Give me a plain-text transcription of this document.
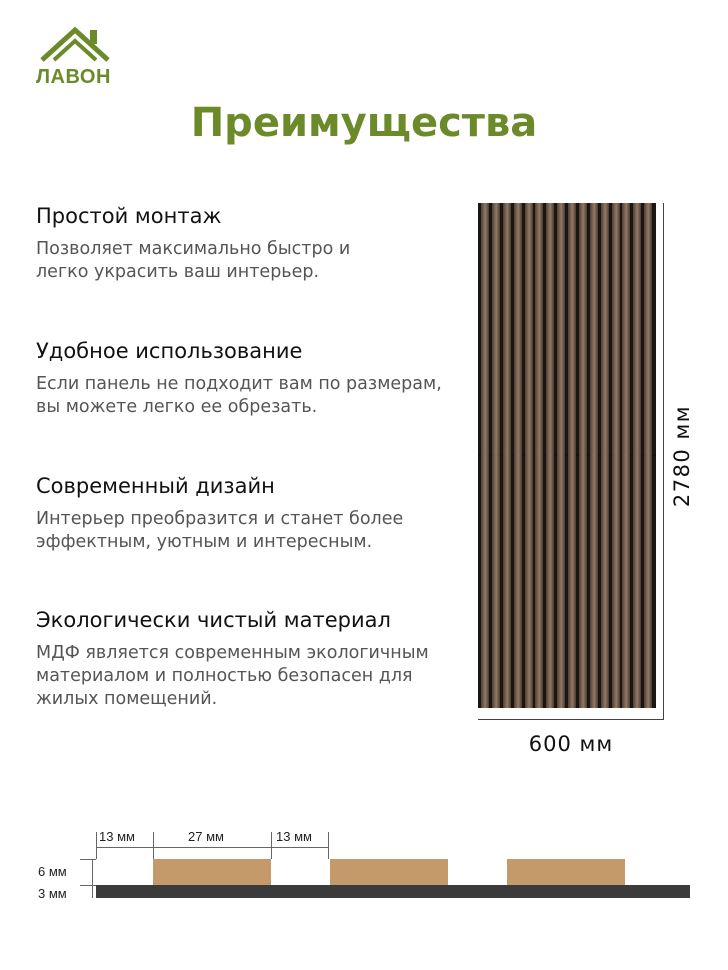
ЛАВОН
Преимущества

Простой монтаж

Позволяет максимально быстро и легко украсить ваш интерьер.

Удобное использование

Если панель не подходит вам по размерам, вы можете легко ее обрезать.

Современный дизайн

Интерьер преобразится и станет более эффектным, уютным и интересным.

Экологически чистый материал

МДФ является современным экологичным материалом и полностью безопасен для жилых помещений.

2780 мм
600 мм
13 мм	27 мм	13 мм
6 мм
3 мм
